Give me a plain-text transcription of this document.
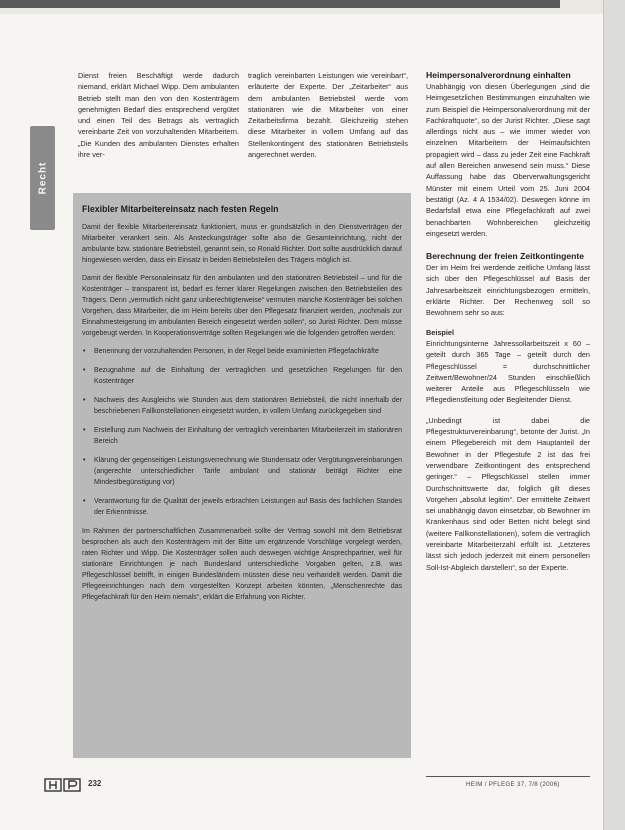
Recht

Dienst freien Beschäftigt werde dadurch niemand, erklärt Michael Wipp. Dem ambulanten Betrieb stellt man den von den Kostenträgern genehmigten Bedarf dies entsprechend vergütet und einen Teil des Betrags als vertraglich vereinbarte Zeit von vorzuhaltenden Mitarbeitern. „Die Kunden des ambulanten Dienstes erhalten ihre ver-

traglich vereinbarten Leistungen wie vereinbart“, erläuterte der Experte. Der „Zeitarbeiter“ aus dem ambulanten Betriebsteil werde vom stationären wie die Mitarbeiter von einer Zeitarbeitsfirma bezahlt. Gleichzeitig stehen diese Mitarbeiter in vollem Umfang auf das Stellenkontingent des stationären Betriebsteils angerechnet werden.

Heimpersonalverordnung einhalten

Unabhängig von diesen Überlegungen „sind die Heimgesetzlichen Bestimmungen einzuhalten wie zum Beispiel die Heimpersonalverordnung mit der Fachkraftquote“, so der Jurist Richter. „Diese sagt allerdings nicht aus – wie immer wieder von einzelnen Mitarbeitern der Heimaufsichten propagiert wird – dass zu jeder Zeit eine Fachkraft auf allen Bereichen anwesend sein muss.“ Diese Auffassung habe das Oberverwaltungsgericht Münster mit einem Urteil vom 25. Juni 2004 bestätigt (Az. 4 A 1534/02). Deswegen könne im Bedarfsfall etwa eine Pflegefachkraft auf zwei benachbarten Wohnbereichen gleichzeitig eingesetzt werden.

Berechnung der freien Zeitkontingente

Der im Heim frei werdende zeitliche Umfang lässt sich über den Pflegeschlüssel auf Basis der Jahresarbeitszeit einrichtungsbezogen ermitteln, erklärte Richter. Der Rechenweg soll so Bewohnern sehr so aus:

Beispiel

Einrichtungsinterne Jahressollarbeitszeit x 60 – geteilt durch 365 Tage – geteilt durch den Pflegeschlüssel = durchschnittlicher Zeitwert/Bewohner/24 Stunden einschließlich weiterer Anteile aus Pflegeschlüsseln wie Pflegedienstleitung oder Begleitender Dienst.

„Unbedingt ist dabei die Pflegestrukturvereinbarung“, betonte der Jurist. „In einem Pflegebereich mit dem Hauptanteil der Bewohner in der Pflegestufe 2 ist das frei verwendbare Zeitkontingent des entsprechend geringer.“ – Pflegschlüssel stellen immer Durchschnittswerte dar, folglich gilt dieses Vorgehen „absolut legitim“. Der ermittelte Zeitwert sei unabhängig davon einsetzbar, ob Bewohner im Krankenhaus sind oder Betten nicht belegt sind (weitere Fallkonstellationen), sofern die vertraglich vereinbarte Mitarbeiterzahl erfüllt ist. „Letzteres lässt sich jedoch jederzeit mit einem personellen Soll-Ist-Abgleich darstellen“, so der Experte.

Flexibler Mitarbeitereinsatz nach festen Regeln

Damit der flexible Mitarbeitereinsatz funktioniert, muss er grundsätzlich in den Dienstverträgen der Mitarbeiter verankert sein. Als Ansteckungsträger sollte also die Gesamteinrichtung, nicht der ambulante bzw. stationäre Betriebsteil, genannt sein, so Ronald Richter. Dort sollte ausdrücklich darauf hingewiesen werden, dass ein Einsatz in beiden Betriebsteilen des Trägers möglich ist.

Damit der flexible Personaleinsatz für den ambulanten und den stationären Betriebsteil – und für die Kostenträger – transparent ist, bedarf es ferner klarer Regelungen zwischen den Betriebsteilen des Trägers. Denn „vermutlich nicht ganz unberechtigterweise“ vermuten manche Kostenträger bei solchen Vorgehen, dass Mitarbeiter, die im Heim bereits über den Pflegesatz finanziert werden, „nochmals zur Einnahmesteigerung im ambulanten Bereich eingesetzt werden sollen“, so Jurist Richter. Dem müsse vorgebeugt werden. In Kooperationsverträge sollten Regelungen wie die folgenden getroffen werden:

• Benennung der vorzuhaltenden Personen, in der Regel beide examinierten Pflegefachkräfte
• Bezugnahme auf die Einhaltung der vertraglichen und gesetzlichen Regelungen für den Kostenträger
• Nachweis des Ausgleichs wie Stunden aus dem stationären Betriebsteil, die nicht innerhalb der beschriebenen Fallkonstellationen eingesetzt wurden, in vollem Umfang zurückgegeben sind
• Erstellung zum Nachweis der Einhaltung der vertraglich vereinbarten Mitarbeiterzeit im stationären Bereich
• Klärung der gegenseitigen Leistungsverrechnung wie Stundensatz oder Vergütungsvereinbarungen (angerechte unterschiedlicher Tarife ambulant und stationär beträgt Richter eine Mindestbegünstigung vor)
• Verantwortung für die Qualität der jeweils erbrachten Leistungen auf Basis des fachlichen Standes der Erkenntnisse.

Im Rahmen der partnerschaftlichen Zusammenarbeit sollte der Vertrag sowohl mit dem Betriebsrat besprochen als auch den Kostenträgern mit der Bitte um ergänzende Vorschläge vorgelegt werden, raten Richter und Wipp. Die Kostenträger sollen auch deswegen wichtige Ansprechpartner, weil für stationäre Einrichtungen je nach Bundesland unterschiedliche Vorgaben gelten, z.B. was Pflegeschlüssel betrifft, in einigen Bundesländern müssten diese neu verhandelt werden. Damit die Pflegeeinrichtungen nach dem vorgestellten Konzept arbeiten könnten, „Menschenrechte das Pflegefachkraft für den Heim niemals“, erklärt die Erfahrung von Richter.

232	HEIM / PFLEGE 37, 7/8 (2006)
